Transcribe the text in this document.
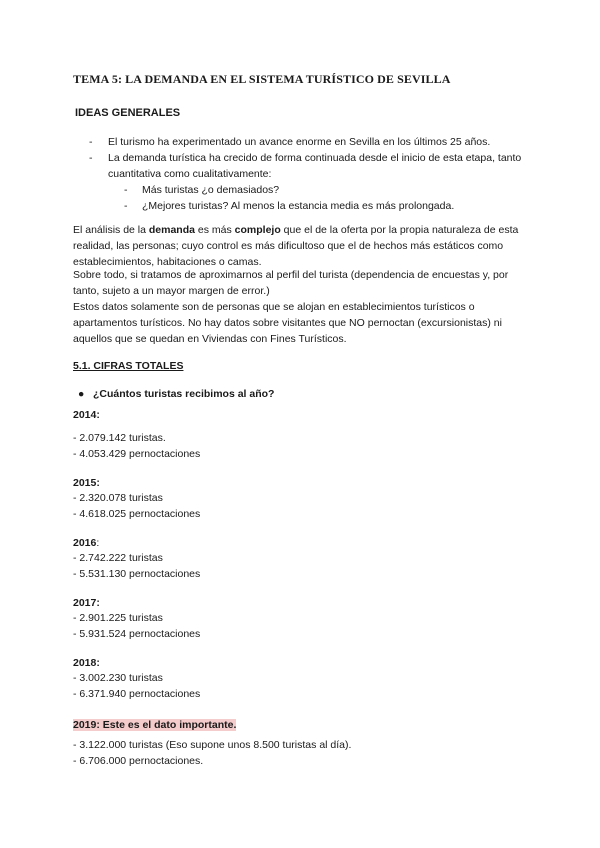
TEMA 5: LA DEMANDA EN EL SISTEMA TURÍSTICO DE SEVILLA
IDEAS GENERALES
- El turismo ha experimentado un avance enorme en Sevilla en los últimos 25 años.
- La demanda turística ha crecido de forma continuada desde el inicio de esta etapa, tanto cuantitativa como cualitativamente:
- Más turistas ¿o demasiados?
- ¿Mejores turistas? Al menos la estancia media es más prolongada.
El análisis de la demanda es más complejo que el de la oferta por la propia naturaleza de esta realidad, las personas; cuyo control es más dificultoso que el de hechos más estáticos como establecimientos, habitaciones o camas.
Sobre todo, si tratamos de aproximarnos al perfil del turista (dependencia de encuestas y, por tanto, sujeto a un mayor margen de error.)
Estos datos solamente son de personas que se alojan en establecimientos turísticos o apartamentos turísticos. No hay datos sobre visitantes que NO pernoctan (excursionistas) ni aquellos que se quedan en Viviendas con Fines Turísticos.
5.1. CIFRAS TOTALES
● ¿Cuántos turistas recibimos al año?
2014:
- 2.079.142 turistas.
- 4.053.429 pernoctaciones
2015:
- 2.320.078 turistas
- 4.618.025 pernoctaciones
2016:
- 2.742.222 turistas
- 5.531.130 pernoctaciones
2017:
- 2.901.225 turistas
- 5.931.524 pernoctaciones
2018:
- 3.002.230 turistas
- 6.371.940 pernoctaciones
2019: Este es el dato importante.
- 3.122.000 turistas (Eso supone unos 8.500 turistas al día).
- 6.706.000 pernoctaciones.
